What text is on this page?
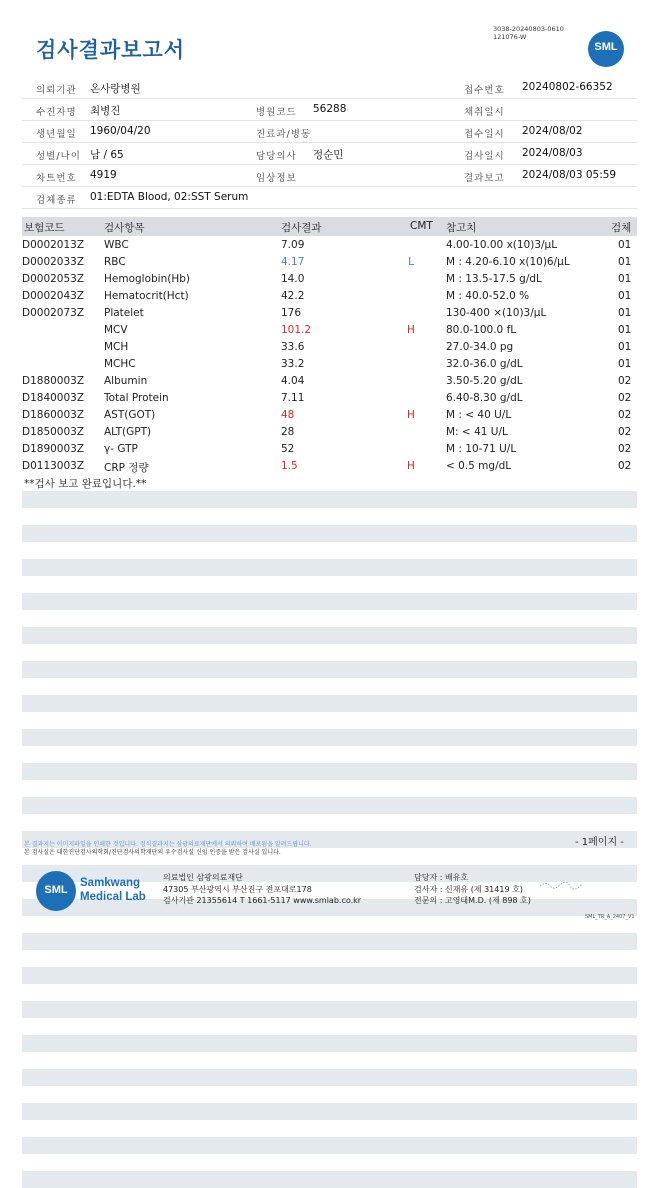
검사결과보고서
3038-20240803-0610
121076-W
SML
의뢰기관 온사랑병원	접수번호 20240802-66352
수진자명 최병진	병원코드 56288	채취일시
생년월일 1960/04/20	진료과/병동	접수일시 2024/08/02
성별/나이 남 / 65	담당의사 정순민	검사일시 2024/08/03
차트번호 4919	임상정보	결과보고 2024/08/03 05:59
검체종류 01:EDTA Blood, 02:SST Serum
보험코드	검사항목	검사결과	CMT 참고치	검체
D0002013Z WBC	7.09	4.00-10.00 x(10)3/µL	01
D0002033Z RBC	4.17	L	M : 4.20-6.10 x(10)6/µL	01
D0002053Z Hemoglobin(Hb)	14.0	M : 13.5-17.5 g/dL	01
D0002043Z Hematocrit(Hct)	42.2	M : 40.0-52.0 %	01
D0002073Z Platelet	176	130-400 ×(10)3/µL	01
MCV	101.2	H	80.0-100.0 fL	01
MCH	33.6	27.0-34.0 pg	01
MCHC	33.2	32.0-36.0 g/dL	01
D1880003Z Albumin	4.04	3.50-5.20 g/dL	02
D1840003Z Total Protein	7.11	6.40-8.30 g/dL	02
D1860003Z AST(GOT)	48	H	M : < 40 U/L	02
D1850003Z ALT(GPT)	28	M: < 41 U/L	02
D1890003Z γ- GTP	52	M : 10-71 U/L	02
D0113003Z CRP 정량	1.5	H	< 0.5 mg/dL	02
**검사 보고 완료입니다.**
- 1페이지 -
본 결과지는 이미지파일을 인쇄한 것입니다. 정식결과지는 삼광의료재단에서 의뢰하여 배포됨을 알려드립니다.
본 검사실은 대한진단검사의학회/진단검사의학재단의 우수검사실 신임 인증을 받은 검사실 입니다.
SML
Samkwang
Medical Lab
의료법인 삼광의료재단
47305 부산광역시 부산진구 전포대로178
검사기관 21355614 T 1661-5117 www.smlab.co.kr
담당자 : 배유호
검사자 : 신재유 (제 31419 호)
전문의 : 고영태M.D. (제 898 호)
SML_TR_A_2407_V1
